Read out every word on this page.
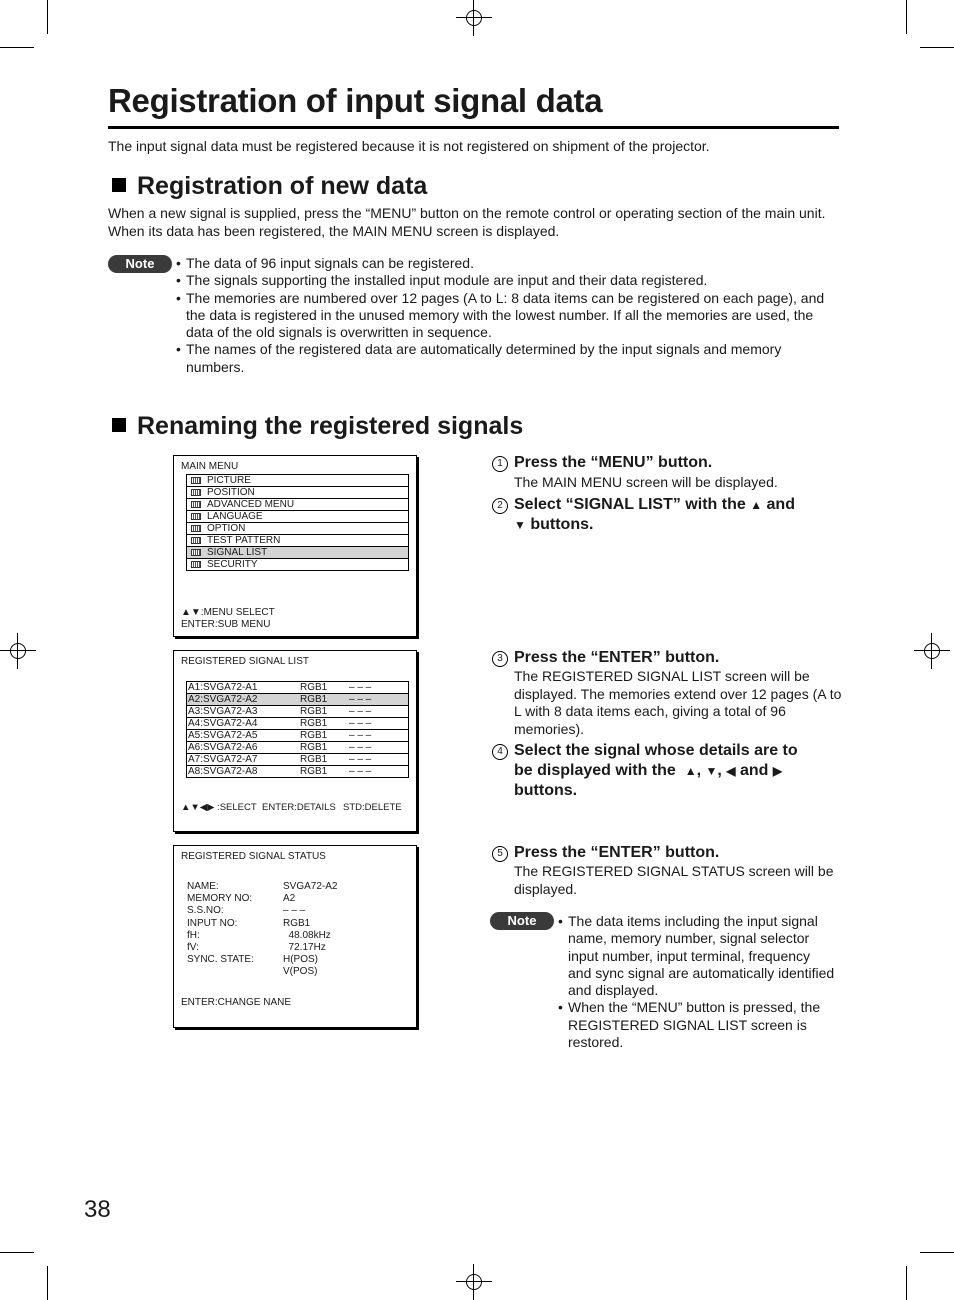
Registration of input signal data

The input signal data must be registered because it is not registered on shipment of the projector.

Registration of new data

When a new signal is supplied, press the “MENU” button on the remote control or operating section of the main unit. When its data has been registered, the MAIN MENU screen is displayed.

Note	• The data of 96 input signals can be registered.
• The signals supporting the installed input module are input and their data registered.
• The memories are numbered over 12 pages (A to L: 8 data items can be registered on each page), and the data is registered in the unused memory with the lowest number. If all the memories are used, the data of the old signals is overwritten in sequence.
• The names of the registered data are automatically determined by the input signals and memory numbers.
Renaming the registered signals
MAIN MENU
PICTURE
POSITION
ADVANCED MENU
LANGUAGE
OPTION
TEST PATTERN
SIGNAL LIST
SECURITY
▲▼:MENU SELECT
ENTER:SUB MENU
REGISTERED SIGNAL LIST
A1:SVGA72-A1	RGB1 – – –
A2:SVGA72-A2	RGB1 – – –
A3:SVGA72-A3	RGB1 – – –
A4:SVGA72-A4	RGB1 – – –
A5:SVGA72-A5	RGB1 – – –
A6:SVGA72-A6	RGB1 – – –
A7:SVGA72-A7	RGB1 – – –
A8:SVGA72-A8	RGB1 – – –
▲▼◀▶ :SELECT ENTER:DETAILS STD:DELETE
REGISTERED SIGNAL STATUS
NAME:	SVGA72-A2
MEMORY NO:	A2
S.S.NO:	– – –
INPUT NO:	RGB1
fH:	48.08kHz
fV:	72.17Hz
SYNC. STATE:	H(POS)
V(POS)
ENTER:CHANGE NANE
1 Press the “MENU” button.

The MAIN MENU screen will be displayed.

2 Select “SIGNAL LIST” with the ▲ and
▼ buttons.
3 Press the “ENTER” button.

The REGISTERED SIGNAL LIST screen will be displayed. The memories extend over 12 pages (A to L with 8 data items each, giving a total of 96 memories).

4 Select the signal whose details are to
be displayed with the ▲, ▼, ◀ and ▶
buttons.
5 Press the “ENTER” button.

The REGISTERED SIGNAL STATUS screen will be displayed.

Note	• The data items including the input signal name, memory number, signal selector input number, input terminal, frequency and sync signal are automatically identified and displayed.
• When the “MENU” button is pressed, the REGISTERED SIGNAL LIST screen is restored.
38
